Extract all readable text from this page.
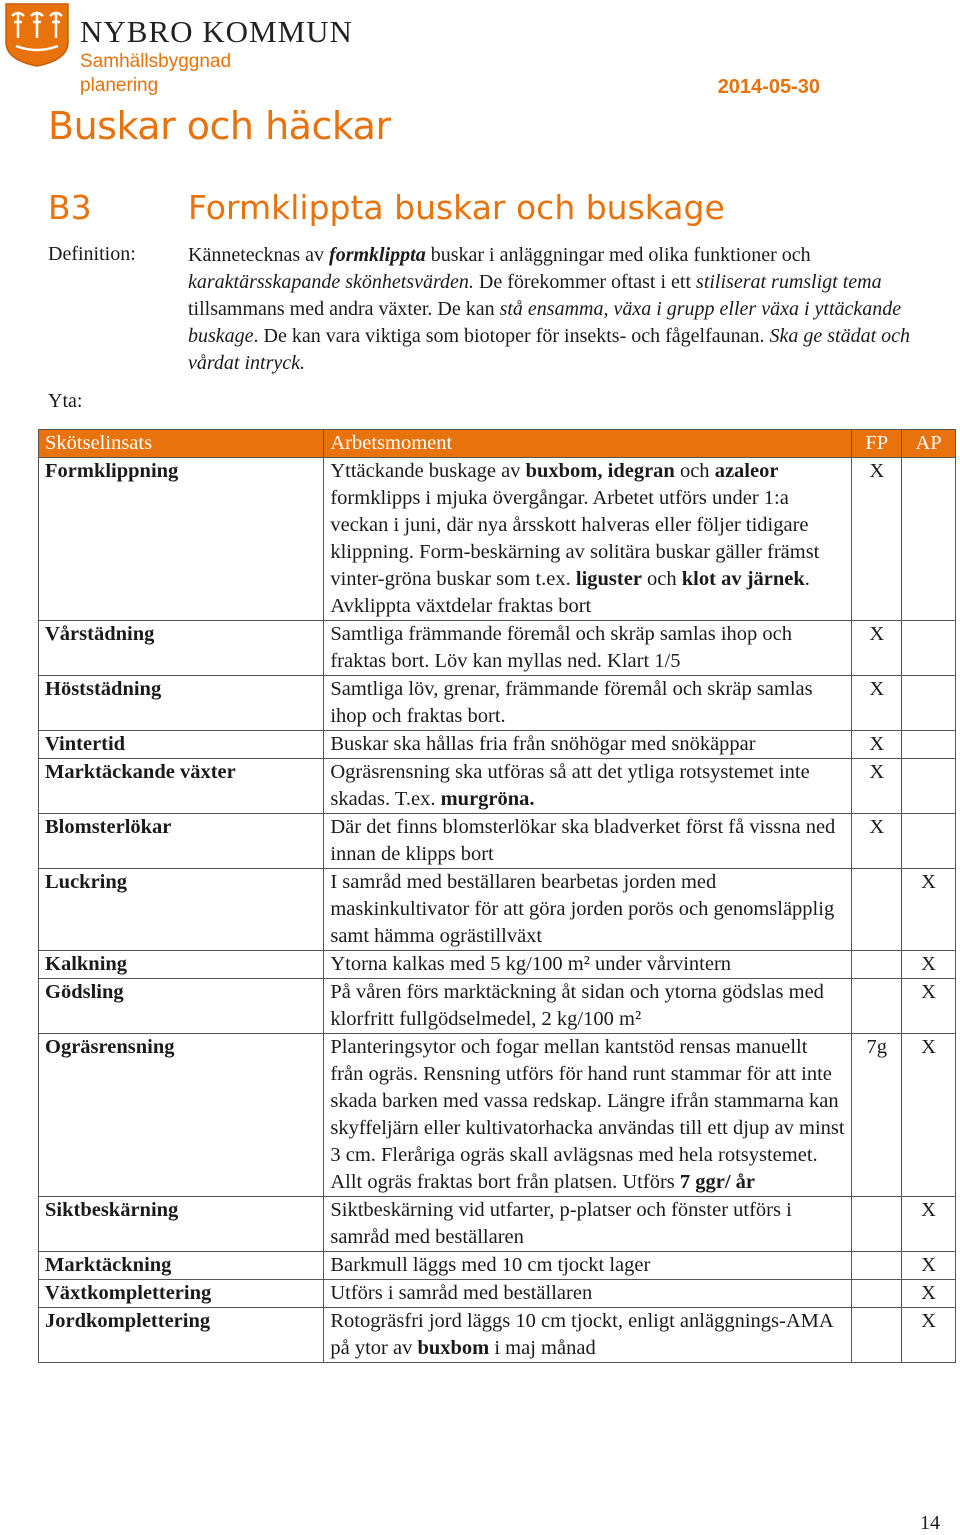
NYBRO KOMMUN
Samhällsbyggnad
planering	2014-05-30
Buskar och häckar
B3	Formklippta buskar och buskage
Definition:	Kännetecknas av formklippta buskar i anläggningar med olika funktioner och karaktärsskapande skönhetsvärden. De förekommer oftast i ett stiliserat rumsligt tema tillsammans med andra växter. De kan stå ensamma, växa i grupp eller växa i yttäckande buskage. De kan vara viktiga som biotoper för insekts- och fågelfaunan. Ska ge städat och vårdat intryck.
Yta:
Skötselinsats	Arbetsmoment	FP	AP
Formklippning	Yttäckande buskage av buxbom, idegran och azaleor formklipps i mjuka övergångar. Arbetet utförs under 1:a veckan i juni, där nya årsskott halveras eller följer tidigare klippning. Form-beskärning av solitära buskar gäller främst vinter-gröna buskar som t.ex. liguster och klot av järnek. Avklippta växtdelar fraktas bort	X	
Vårstädning	Samtliga främmande föremål och skräp samlas ihop och fraktas bort. Löv kan myllas ned. Klart 1/5	X	
Höststädning	Samtliga löv, grenar, främmande föremål och skräp samlas ihop och fraktas bort.	X	
Vintertid	Buskar ska hållas fria från snöhögar med snökäppar	X	
Marktäckande växter	Ogräsrensning ska utföras så att det ytliga rotsystemet inte skadas. T.ex. murgröna.	X	
Blomsterlökar	Där det finns blomsterlökar ska bladverket först få vissna ned innan de klipps bort	X	
Luckring	I samråd med beställaren bearbetas jorden med maskinkultivator för att göra jorden porös och genomsläpplig samt hämma ogrästillväxt		X
Kalkning	Ytorna kalkas med 5 kg/100 m² under vårvintern		X
Gödsling	På våren förs marktäckning åt sidan och ytorna gödslas med klorfritt fullgödselmedel, 2 kg/100 m²		X
Ogräsrensning	Planteringsytor och fogar mellan kantstöd rensas manuellt från ogräs. Rensning utförs för hand runt stammar för att inte skada barken med vassa redskap. Längre ifrån stammarna kan skyffeljärn eller kultivatorhacka användas till ett djup av minst 3 cm. Fleråriga ogräs skall avlägsnas med hela rotsystemet. Allt ogräs fraktas bort från platsen. Utförs 7 ggr/ år	7g	X
Siktbeskärning	Siktbeskärning vid utfarter, p-platser och fönster utförs i samråd med beställaren		X
Marktäckning	Barkmull läggs med 10 cm tjockt lager		X
Växtkomplettering	Utförs i samråd med beställaren		X
Jordkomplettering	Rotogräsfri jord läggs 10 cm tjockt, enligt anläggnings-AMA på ytor av buxbom i maj månad		X
14
